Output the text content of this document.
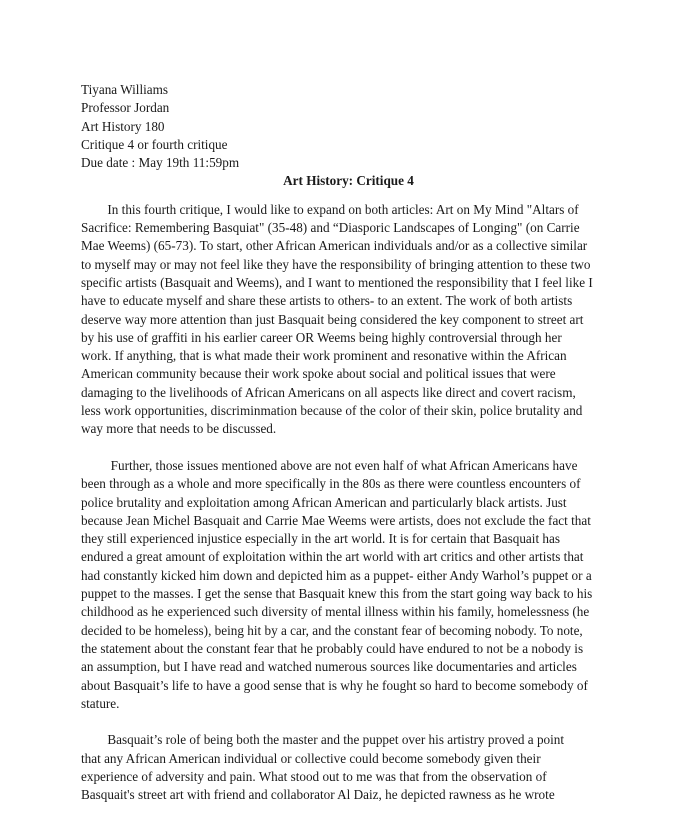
Tiyana Williams
Professor Jordan
Art History 180
Critique 4 or fourth critique
Due date : May 19th 11:59pm
Art History: Critique 4

In this fourth critique, I would like to expand on both articles: Art on My Mind "Altars of
Sacrifice: Remembering Basquiat" (35-48) and “Diasporic Landscapes of Longing" (on Carrie
Mae Weems) (65-73). To start, other African American individuals and/or as a collective similar
to myself may or may not feel like they have the responsibility of bringing attention to these two
specific artists (Basquait and Weems), and I want to mentioned the responsibility that I feel like I
have to educate myself and share these artists to others- to an extent. The work of both artists
deserve way more attention than just Basquait being considered the key component to street art
by his use of graffiti in his earlier career OR Weems being highly controversial through her
work. If anything, that is what made their work prominent and resonative within the African
American community because their work spoke about social and political issues that were
damaging to the livelihoods of African Americans on all aspects like direct and covert racism,
less work opportunities, discriminmation because of the color of their skin, police brutality and
way more that needs to be discussed.

Further, those issues mentioned above are not even half of what African Americans have
been through as a whole and more specifically in the 80s as there were countless encounters of
police brutality and exploitation among African American and particularly black artists. Just
because Jean Michel Basquait and Carrie Mae Weems were artists, does not exclude the fact that
they still experienced injustice especially in the art world. It is for certain that Basquait has
endured a great amount of exploitation within the art world with art critics and other artists that
had constantly kicked him down and depicted him as a puppet- either Andy Warhol’s puppet or a
puppet to the masses. I get the sense that Basquait knew this from the start going way back to his
childhood as he experienced such diversity of mental illness within his family, homelessness (he
decided to be homeless), being hit by a car, and the constant fear of becoming nobody. To note,
the statement about the constant fear that he probably could have endured to not be a nobody is
an assumption, but I have read and watched numerous sources like documentaries and articles
about Basquait’s life to have a good sense that is why he fought so hard to become somebody of
stature.

Basquait’s role of being both the master and the puppet over his artistry proved a point
that any African American individual or collective could become somebody given their
experience of adversity and pain. What stood out to me was that from the observation of
Basquait's street art with friend and collaborator Al Daiz, he depicted rawness as he wrote
